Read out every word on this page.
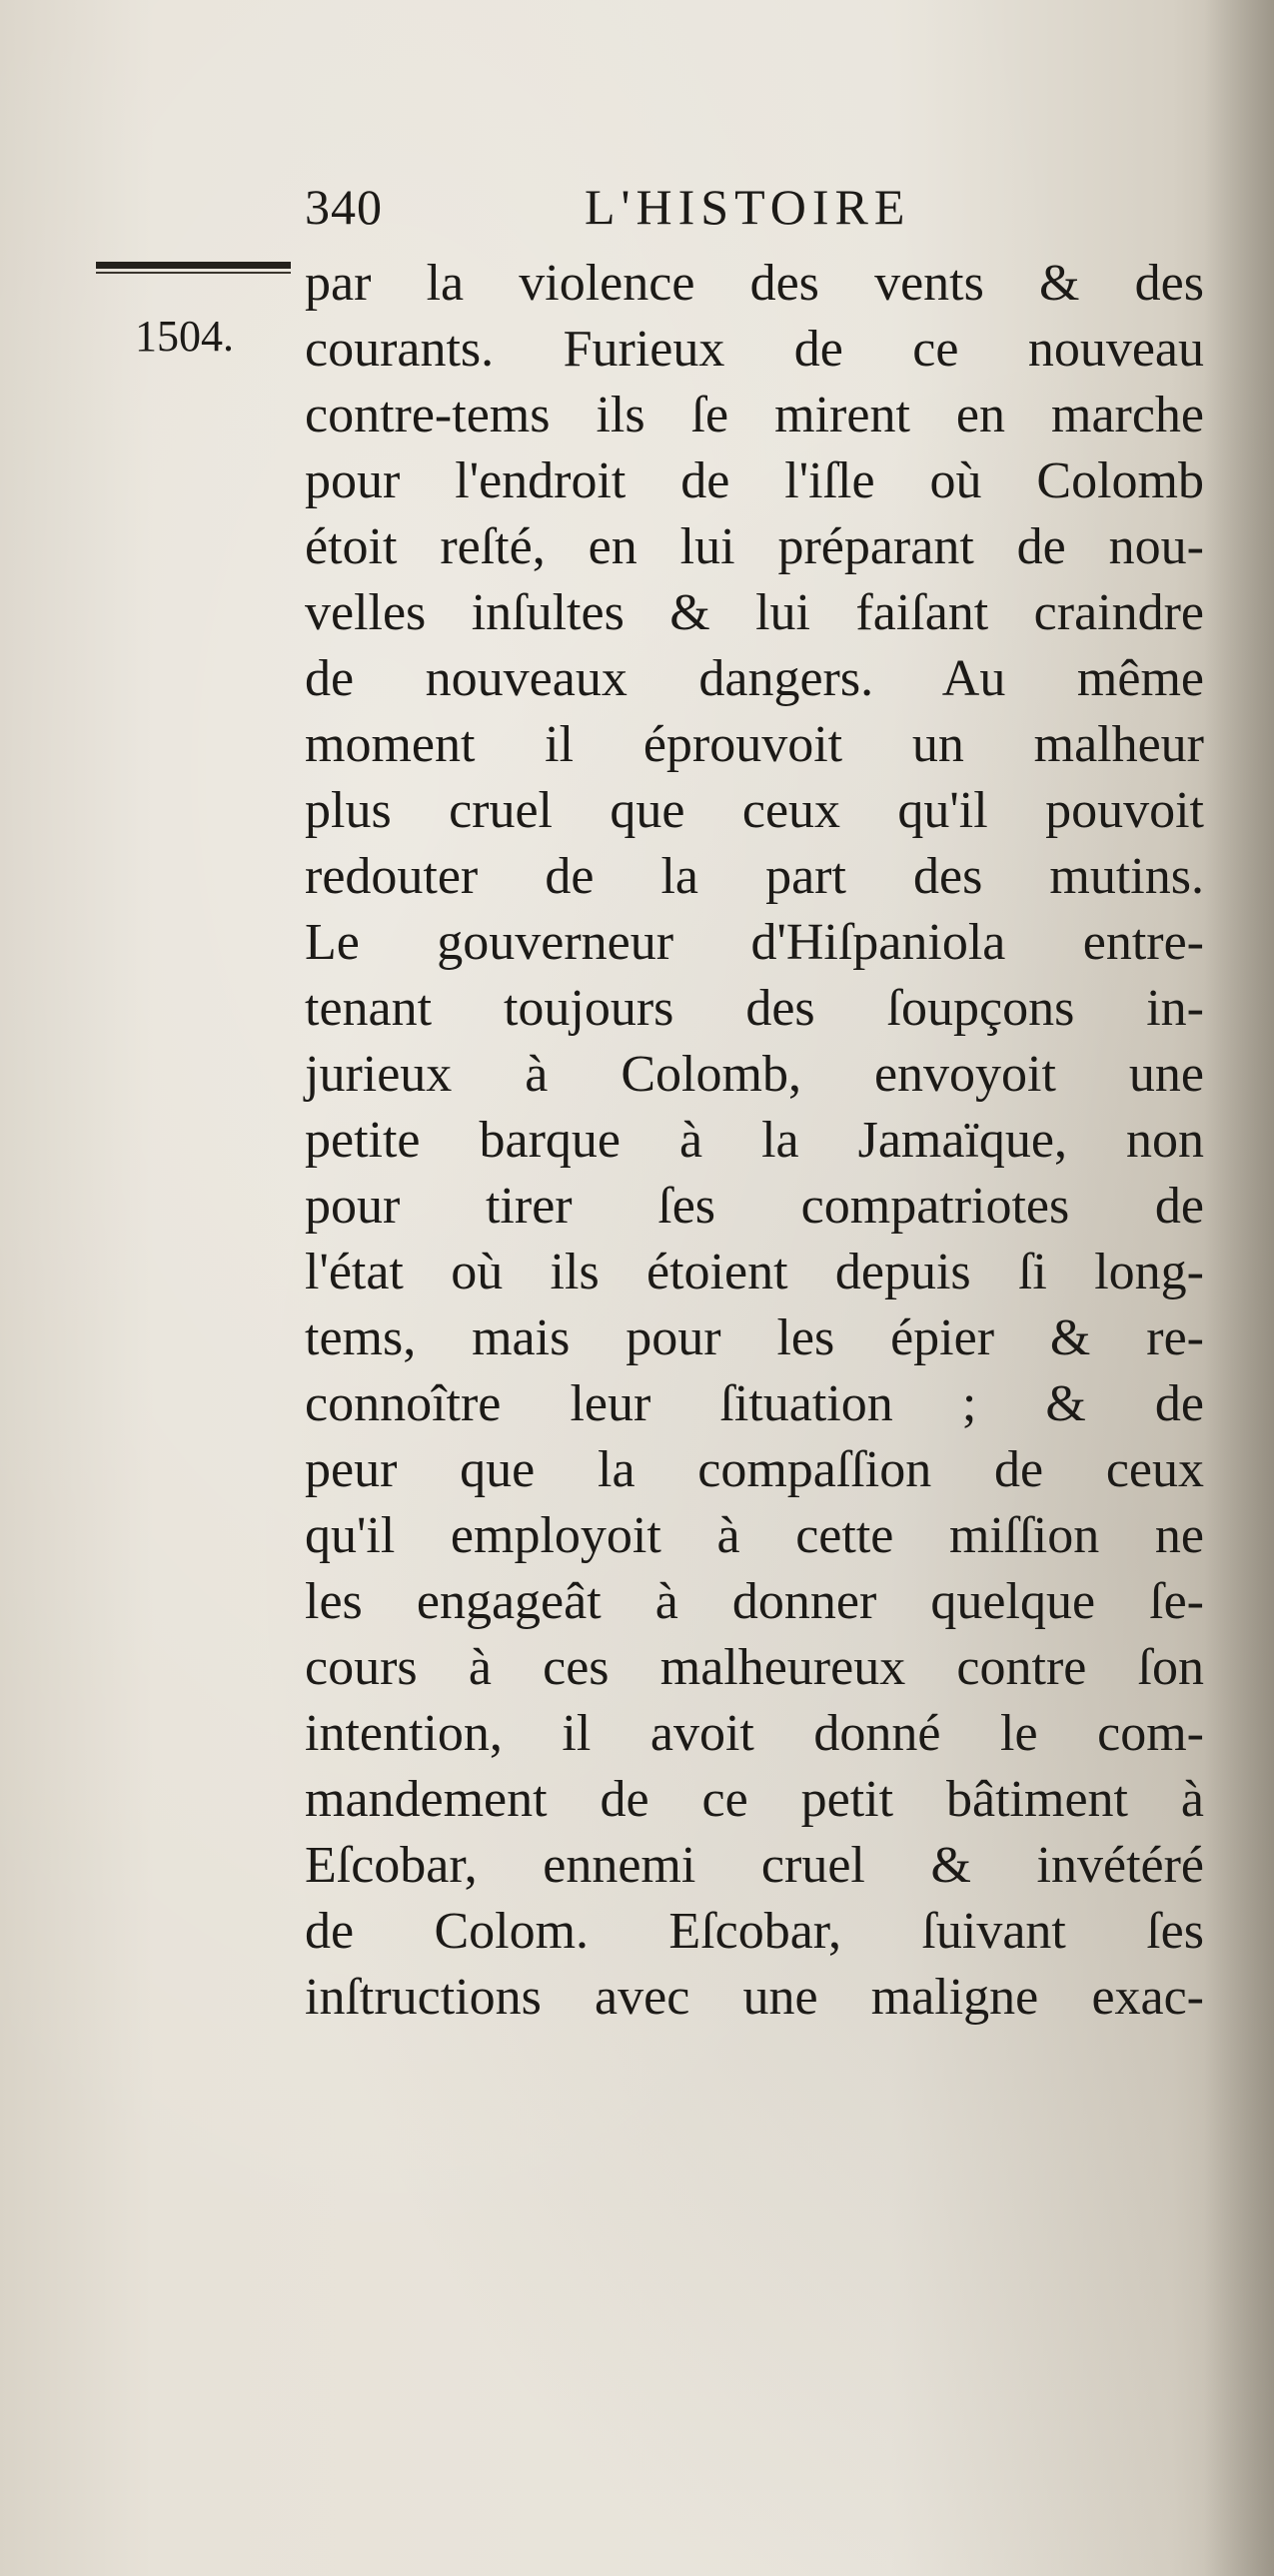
340	L'HISTOIRE
1504.
par la violence des vents & des
courants. Furieux de ce nouveau
contre-tems ils ſe mirent en marche
pour l'endroit de l'iſle où Colomb
étoit reſté, en lui préparant de nou-
velles inſultes & lui faiſant craindre
de nouveaux dangers. Au même
moment il éprouvoit un malheur
plus cruel que ceux qu'il pouvoit
redouter de la part des mutins.
Le gouverneur d'Hiſpaniola entre-
tenant toujours des ſoupçons in-
jurieux à Colomb, envoyoit une
petite barque à la Jamaïque, non
pour tirer ſes compatriotes de
l'état où ils étoient depuis ſi long-
tems, mais pour les épier & re-
connoître leur ſituation ; & de
peur que la compaſſion de ceux
qu'il employoit à cette miſſion ne
les engageât à donner quelque ſe-
cours à ces malheureux contre ſon
intention, il avoit donné le com-
mandement de ce petit bâtiment à
Eſcobar, ennemi cruel & invétéré
de Colom. Eſcobar, ſuivant ſes
inſtructions avec une maligne exac-
